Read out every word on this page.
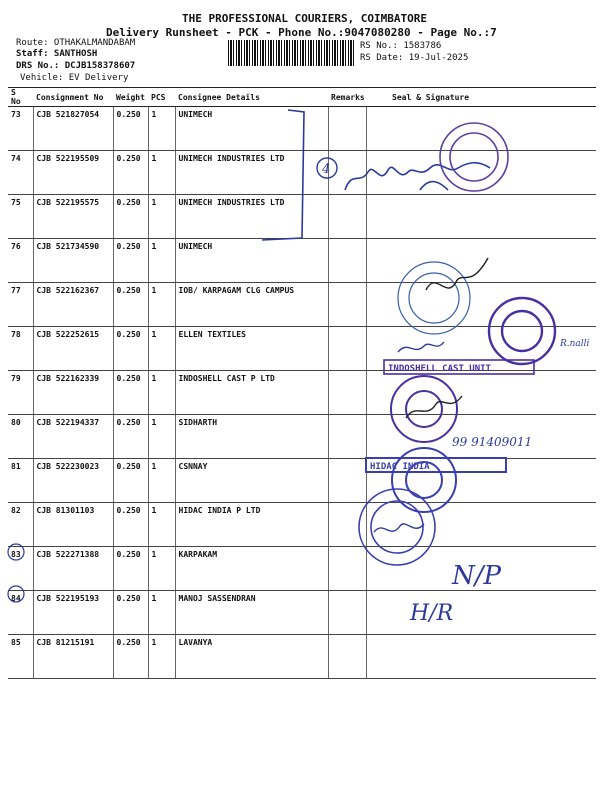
THE PROFESSIONAL COURIERS, COIMBATORE
Delivery Runsheet - PCK - Phone No.:9047080280 - Page No.:7
Route: OTHAKALMANDABAM
Staff: SANTHOSH
DRS No.: DCJB158378607
Vehicle: EV Delivery
RS No.: 1583786
RS Date: 19-Jul-2025
S No	Consignment No	Weight	PCS	Consignee Details	Remarks	Seal & Signature
73	CJB 521827054	0.250	1	UNIMECH		
74	CJB 522195509	0.250	1	UNIMECH INDUSTRIES LTD		
75	CJB 522195575	0.250	1	UNIMECH INDUSTRIES LTD		
76	CJB 521734590	0.250	1	UNIMECH		
77	CJB 522162367	0.250	1	IOB/ KARPAGAM CLG CAMPUS		
78	CJB 522252615	0.250	1	ELLEN TEXTILES		
79	CJB 522162339	0.250	1	INDOSHELL CAST P LTD		
80	CJB 522194337	0.250	1	SIDHARTH		
81	CJB 522230023	0.250	1	CSNNAY		
82	CJB 81301103	0.250	1	HIDAC INDIA P LTD		
83	CJB 522271388	0.250	1	KARPAKAM		
84	CJB 522195193	0.250	1	MANOJ SASSENDRAN		
85	CJB 81215191	0.250	1	LAVANYA		
4
R.nalli
INDOSHELL CAST UNIT
99 91409011
HIDAC INDIA
N/P
H/R
